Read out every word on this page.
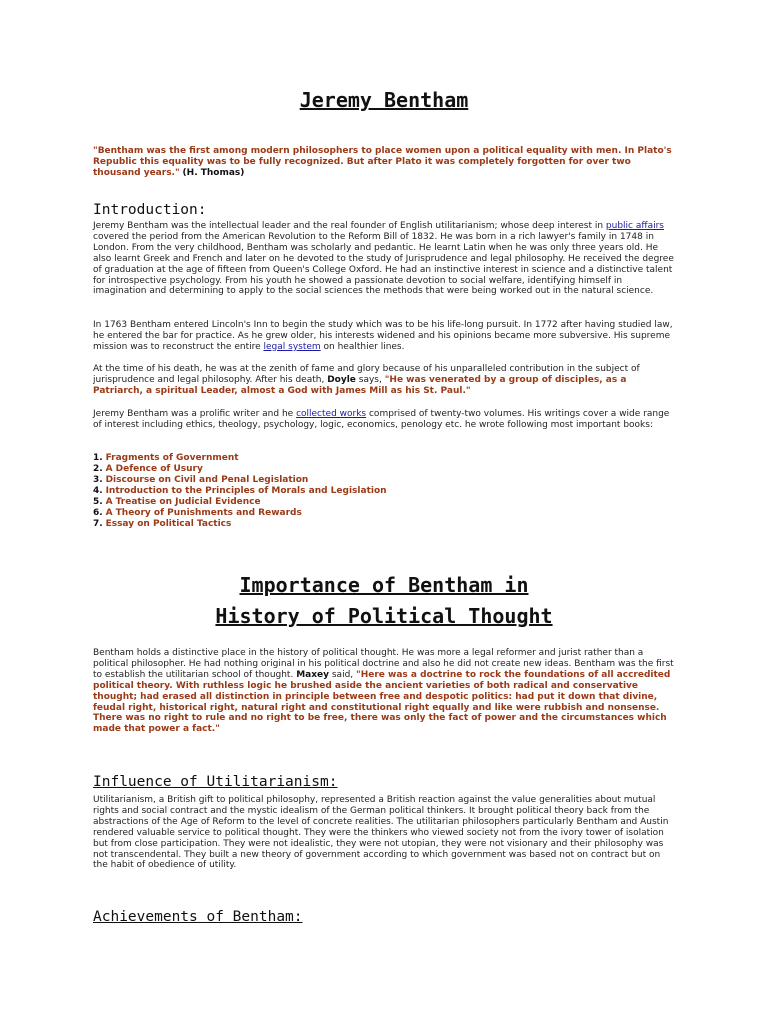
Jeremy Bentham

"Bentham was the first among modern philosophers to place women upon a political equality with men. In Plato's Republic this equality was to be fully recognized. But after Plato it was completely forgotten for over two thousand years." (H. Thomas)

Introduction:

Jeremy Bentham was the intellectual leader and the real founder of English utilitarianism; whose deep interest in public affairs covered the period from the American Revolution to the Reform Bill of 1832. He was born in a rich lawyer's family in 1748 in London. From the very childhood, Bentham was scholarly and pedantic. He learnt Latin when he was only three years old. He also learnt Greek and French and later on he devoted to the study of Jurisprudence and legal philosophy. He received the degree of graduation at the age of fifteen from Queen's College Oxford. He had an instinctive interest in science and a distinctive talent for introspective psychology. From his youth he showed a passionate devotion to social welfare, identifying himself in imagination and determining to apply to the social sciences the methods that were being worked out in the natural science.

In 1763 Bentham entered Lincoln's Inn to begin the study which was to be his life-long pursuit. In 1772 after having studied law, he entered the bar for practice. As he grew older, his interests widened and his opinions became more subversive. His supreme mission was to reconstruct the entire legal system on healthier lines.

At the time of his death, he was at the zenith of fame and glory because of his unparalleled contribution in the subject of jurisprudence and legal philosophy. After his death, Doyle says, "He was venerated by a group of disciples, as a Patriarch, a spiritual Leader, almost a God with James Mill as his St. Paul."

Jeremy Bentham was a prolific writer and he collected works comprised of twenty-two volumes. His writings cover a wide range of interest including ethics, theology, psychology, logic, economics, penology etc. he wrote following most important books:

1. Fragments of Government
2. A Defence of Usury
3. Discourse on Civil and Penal Legislation
4. Introduction to the Principles of Morals and Legislation
5. A Treatise on Judicial Evidence
6. A Theory of Punishments and Rewards
7. Essay on Political Tactics
Importance of Bentham in
History of Political Thought

Bentham holds a distinctive place in the history of political thought. He was more a legal reformer and jurist rather than a political philosopher. He had nothing original in his political doctrine and also he did not create new ideas. Bentham was the first to establish the utilitarian school of thought. Maxey said, "Here was a doctrine to rock the foundations of all accredited political theory. With ruthless logic he brushed aside the ancient varieties of both radical and conservative thought; had erased all distinction in principle between free and despotic politics: had put it down that divine, feudal right, historical right, natural right and constitutional right equally and like were rubbish and nonsense. There was no right to rule and no right to be free, there was only the fact of power and the circumstances which made that power a fact."

Influence of Utilitarianism:

Utilitarianism, a British gift to political philosophy, represented a British reaction against the value generalities about mutual rights and social contract and the mystic idealism of the German political thinkers. It brought political theory back from the abstractions of the Age of Reform to the level of concrete realities. The utilitarian philosophers particularly Bentham and Austin rendered valuable service to political thought. They were the thinkers who viewed society not from the ivory tower of isolation but from close participation. They were not idealistic, they were not utopian, they were not visionary and their philosophy was not transcendental. They built a new theory of government according to which government was based not on contract but on the habit of obedience of utility.

Achievements of Bentham:
